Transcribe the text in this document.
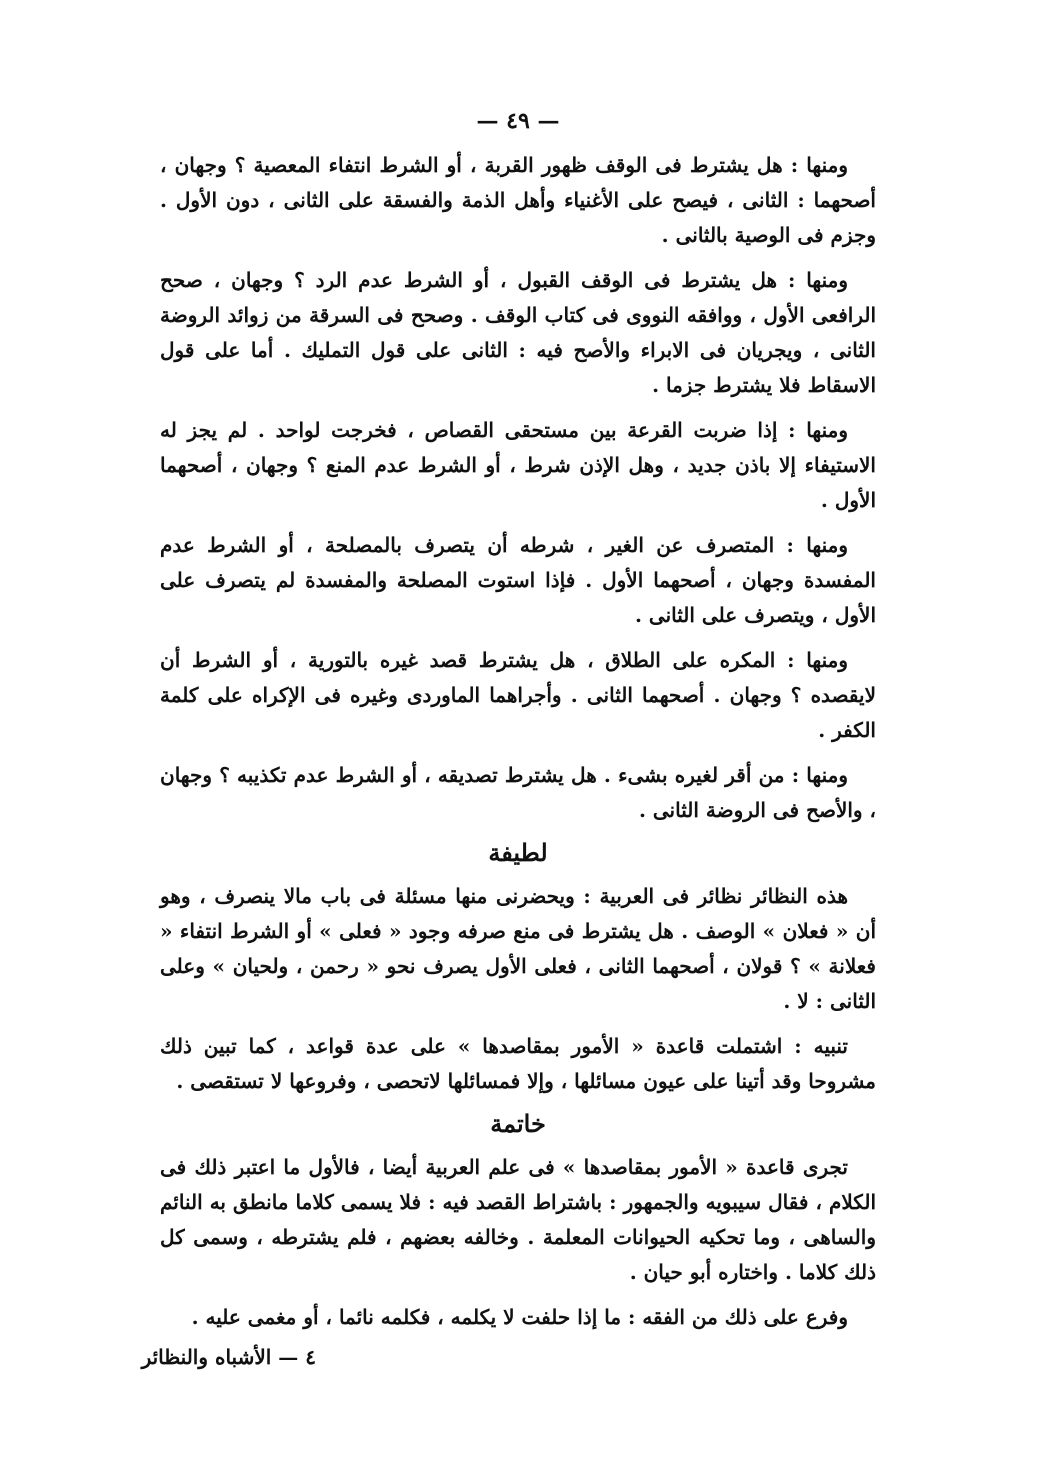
— ٤٩ —

ومنها : هل يشترط فى الوقف ظهور القربة ، أو الشرط انتفاء المعصية ؟ وجهان ، أصحهما : الثانى ، فيصح على الأغنياء وأهل الذمة والفسقة على الثانى ، دون الأول . وجزم فى الوصية بالثانى .

ومنها : هل يشترط فى الوقف القبول ، أو الشرط عدم الرد ؟ وجهان ، صحح الرافعى الأول ، ووافقه النووى فى كتاب الوقف . وصحح فى السرقة من زوائد الروضة الثانى ، ويجريان فى الابراء والأصح فيه : الثانى على قول التمليك . أما على قول الاسقاط فلا يشترط جزما .

ومنها : إذا ضربت القرعة بين مستحقى القصاص ، فخرجت لواحد . لم يجز له الاستيفاء إلا باذن جديد ، وهل الإذن شرط ، أو الشرط عدم المنع ؟ وجهان ، أصحهما الأول .

ومنها : المتصرف عن الغير ، شرطه أن يتصرف بالمصلحة ، أو الشرط عدم المفسدة وجهان ، أصحهما الأول . فإذا استوت المصلحة والمفسدة لم يتصرف على الأول ، ويتصرف على الثانى .

ومنها : المكره على الطلاق ، هل يشترط قصد غيره بالتورية ، أو الشرط أن لايقصده ؟ وجهان . أصحهما الثانى . وأجراهما الماوردى وغيره فى الإكراه على كلمة الكفر .

ومنها : من أقر لغيره بشىء . هل يشترط تصديقه ، أو الشرط عدم تكذيبه ؟ وجهان ، والأصح فى الروضة الثانى .

لطيفة

هذه النظائر نظائر فى العربية : ويحضرنى منها مسئلة فى باب مالا ينصرف ، وهو أن « فعلان » الوصف . هل يشترط فى منع صرفه وجود « فعلى » أو الشرط انتفاء « فعلانة » ؟ قولان ، أصحهما الثانى ، فعلى الأول يصرف نحو « رحمن ، ولحيان » وعلى الثانى : لا .

تنبيه : اشتملت قاعدة « الأمور بمقاصدها » على عدة قواعد ، كما تبين ذلك مشروحا وقد أتينا على عيون مسائلها ، وإلا فمسائلها لاتحصى ، وفروعها لا تستقصى .

خاتمة

تجرى قاعدة « الأمور بمقاصدها » فى علم العربية أيضا ، فالأول ما اعتبر ذلك فى الكلام ، فقال سيبويه والجمهور : باشتراط القصد فيه : فلا يسمى كلاما مانطق به النائم والساهى ، وما تحكيه الحيوانات المعلمة . وخالفه بعضهم ، فلم يشترطه ، وسمى كل ذلك كلاما . واختاره أبو حيان .

وفرع على ذلك من الفقه : ما إذا حلفت لا يكلمه ، فكلمه نائما ، أو مغمى عليه .

٤ — الأشباه والنظائر
